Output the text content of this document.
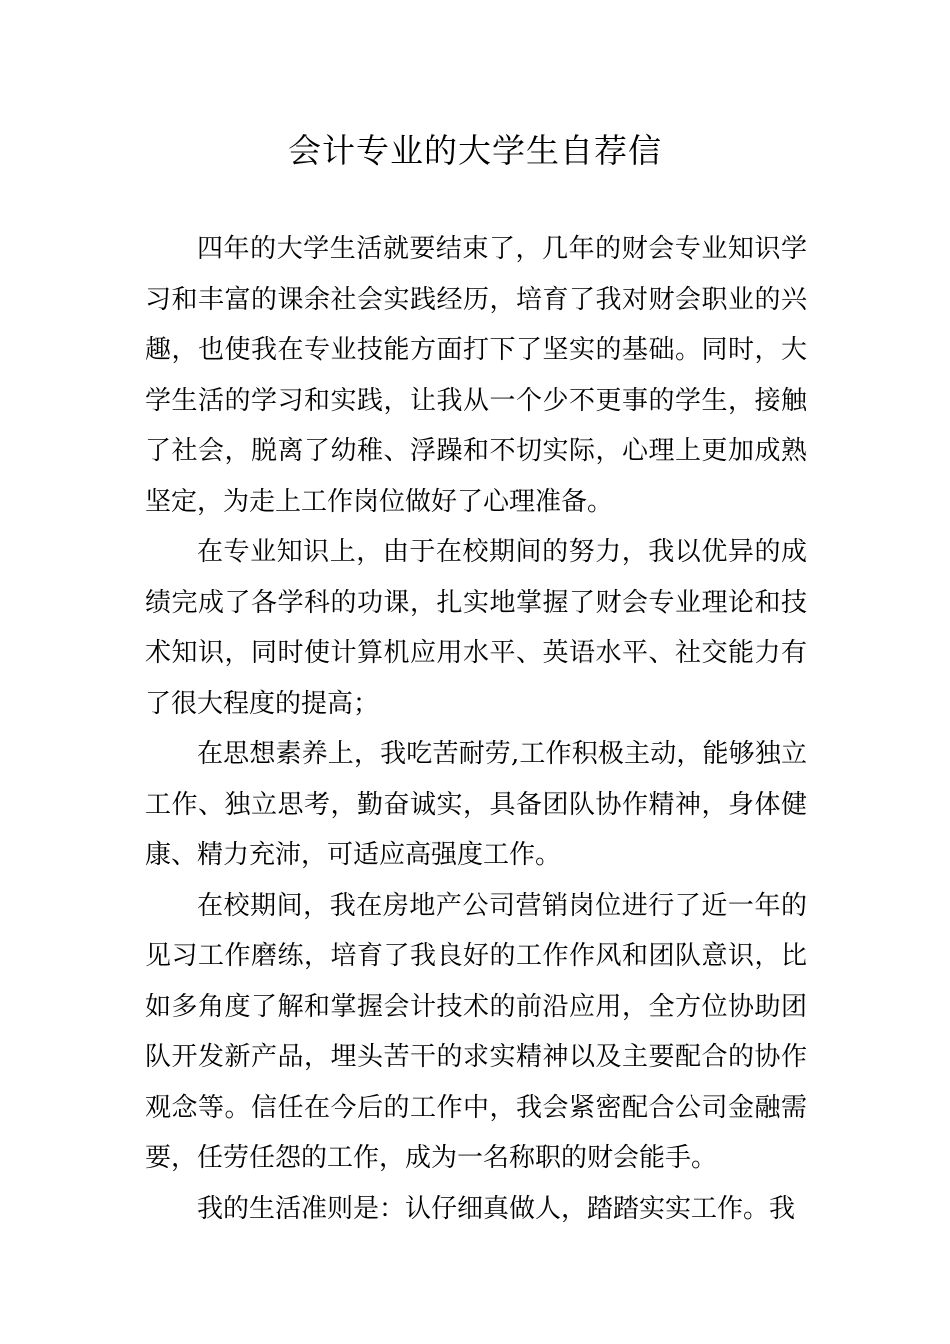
会计专业的大学生自荐信

四年的大学生活就要结束了，几年的财会专业知识学习和丰富的课余社会实践经历，培育了我对财会职业的兴趣，也使我在专业技能方面打下了坚实的基础。同时，大学生活的学习和实践，让我从一个少不更事的学生，接触了社会，脱离了幼稚、浮躁和不切实际，心理上更加成熟坚定，为走上工作岗位做好了心理准备。

在专业知识上，由于在校期间的努力，我以优异的成绩完成了各学科的功课，扎实地掌握了财会专业理论和技术知识，同时使计算机应用水平、英语水平、社交能力有了很大程度的提高；

在思想素养上，我吃苦耐劳,工作积极主动，能够独立工作、独立思考，勤奋诚实，具备团队协作精神，身体健康、精力充沛，可适应高强度工作。

在校期间，我在房地产公司营销岗位进行了近一年的见习工作磨练，培育了我良好的工作作风和团队意识，比如多角度了解和掌握会计技术的前沿应用，全方位协助团队开发新产品，埋头苦干的求实精神以及主要配合的协作观念等。信任在今后的工作中，我会紧密配合公司金融需要，任劳任怨的工作，成为一名称职的财会能手。

我的生活准则是：认仔细真做人，踏踏实实工作。我
